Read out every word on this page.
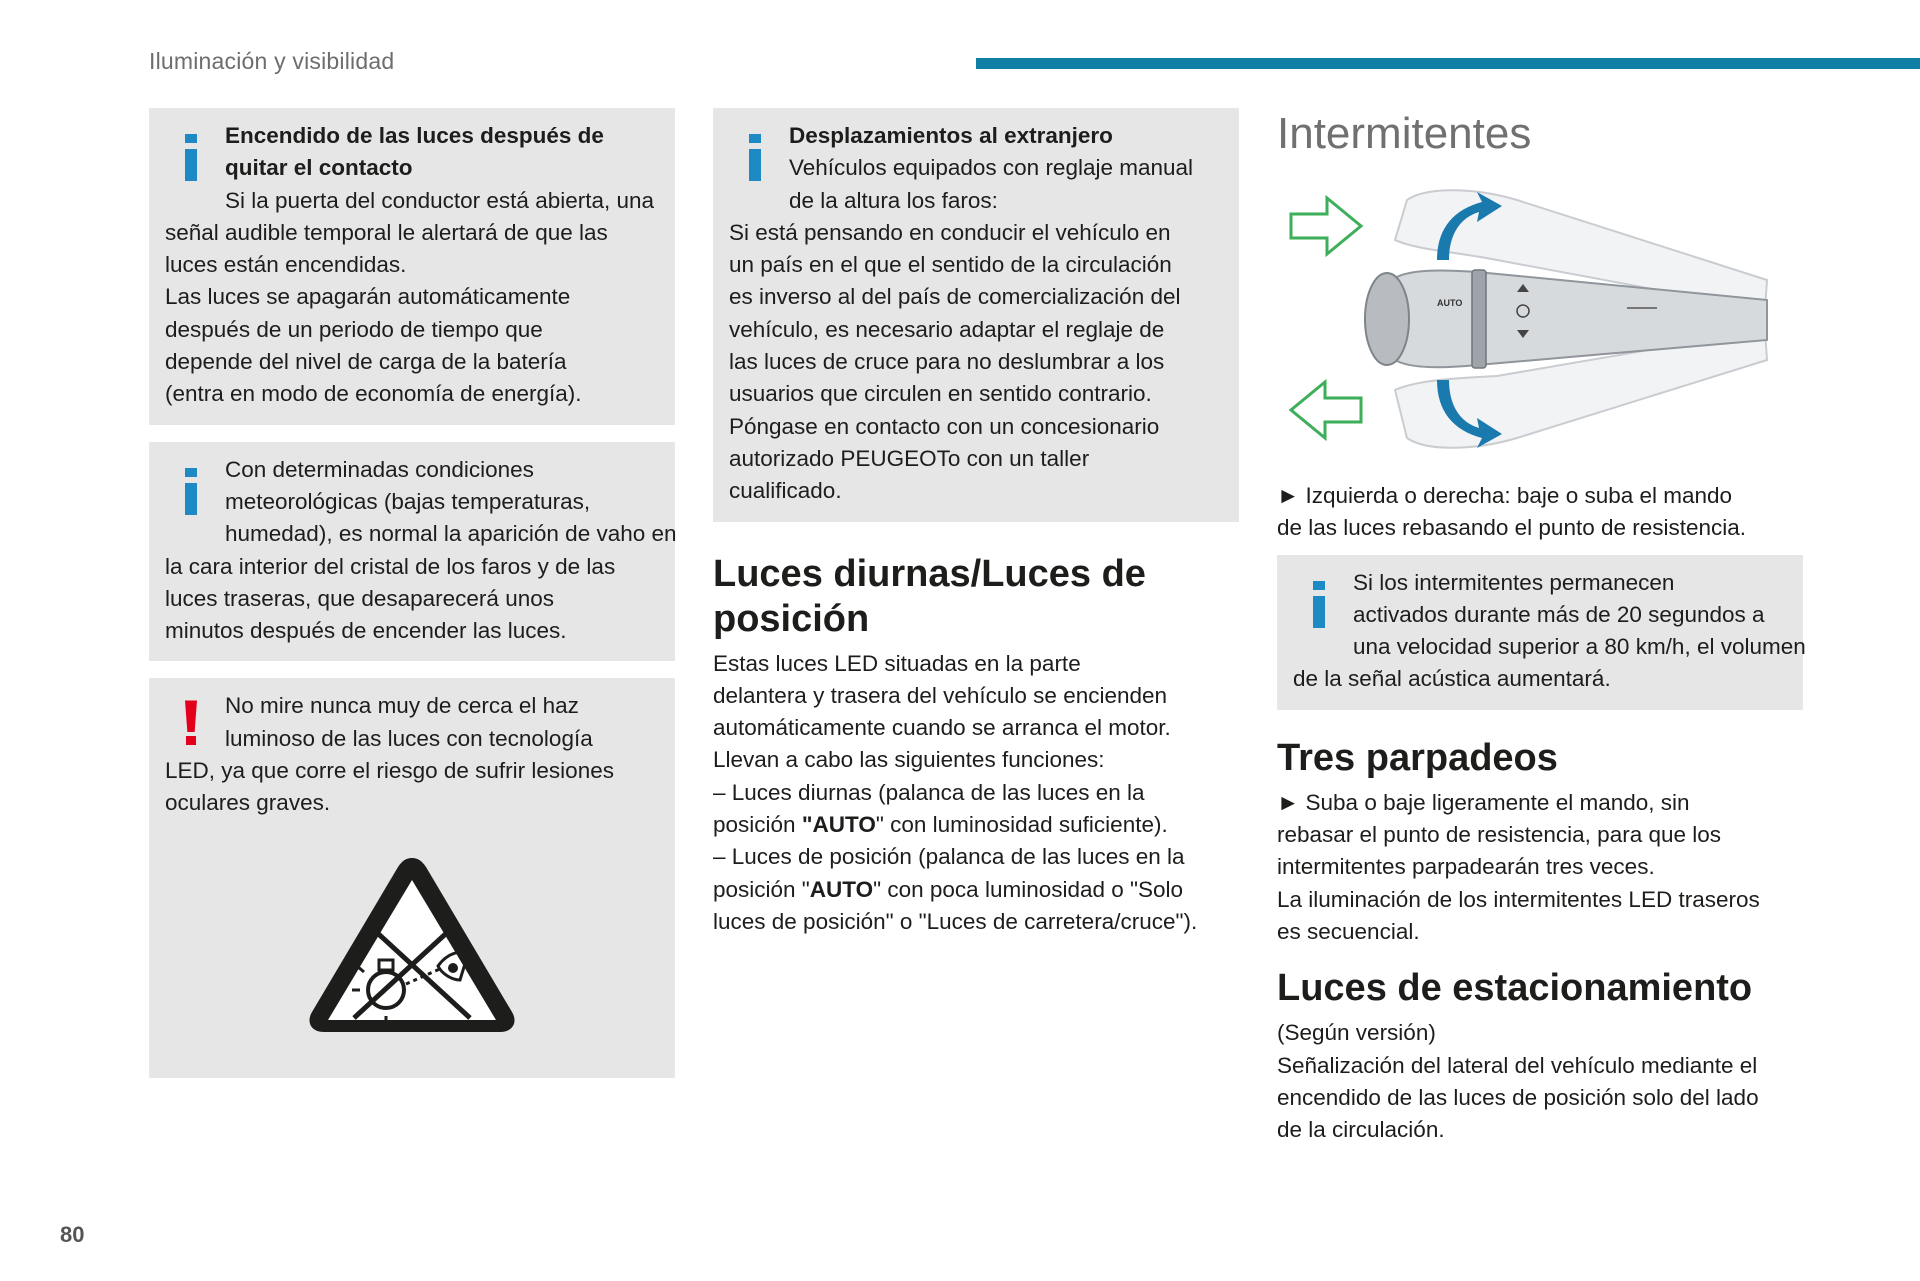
Iluminación y visibilidad
80
Encendido de las luces después de
quitar el contacto
Si la puerta del conductor está abierta, una
señal audible temporal le alertará de que las
luces están encendidas.
Las luces se apagarán automáticamente
después de un periodo de tiempo que
depende del nivel de carga de la batería
(entra en modo de economía de energía).
Con determinadas condiciones
meteorológicas (bajas temperaturas,
humedad), es normal la aparición de vaho en
la cara interior del cristal de los faros y de las
luces traseras, que desaparecerá unos
minutos después de encender las luces.
No mire nunca muy de cerca el haz
luminoso de las luces con tecnología
LED, ya que corre el riesgo de sufrir lesiones
oculares graves.
Desplazamientos al extranjero
Vehículos equipados con reglaje manual
de la altura los faros:
Si está pensando en conducir el vehículo en
un país en el que el sentido de la circulación
es inverso al del país de comercialización del
vehículo, es necesario adaptar el reglaje de
las luces de cruce para no deslumbrar a los
usuarios que circulen en sentido contrario.
Póngase en contacto con un concesionario
autorizado PEUGEOTo con un taller
cualificado.
Luces diurnas/Luces de
posición
Estas luces LED situadas en la parte
delantera y trasera del vehículo se encienden
automáticamente cuando se arranca el motor.
Llevan a cabo las siguientes funciones:
– Luces diurnas (palanca de las luces en la
posición "AUTO" con luminosidad suficiente).
– Luces de posición (palanca de las luces en la
posición "AUTO" con poca luminosidad o "Solo
luces de posición" o "Luces de carretera/cruce").
Intermitentes
AUTO
► Izquierda o derecha: baje o suba el mando
de las luces rebasando el punto de resistencia.
Si los intermitentes permanecen
activados durante más de 20 segundos a
una velocidad superior a 80 km/h, el volumen
de la señal acústica aumentará.
Tres parpadeos
► Suba o baje ligeramente el mando, sin
rebasar el punto de resistencia, para que los
intermitentes parpadearán tres veces.
La iluminación de los intermitentes LED traseros
es secuencial.
Luces de estacionamiento
(Según versión)
Señalización del lateral del vehículo mediante el
encendido de las luces de posición solo del lado
de la circulación.
